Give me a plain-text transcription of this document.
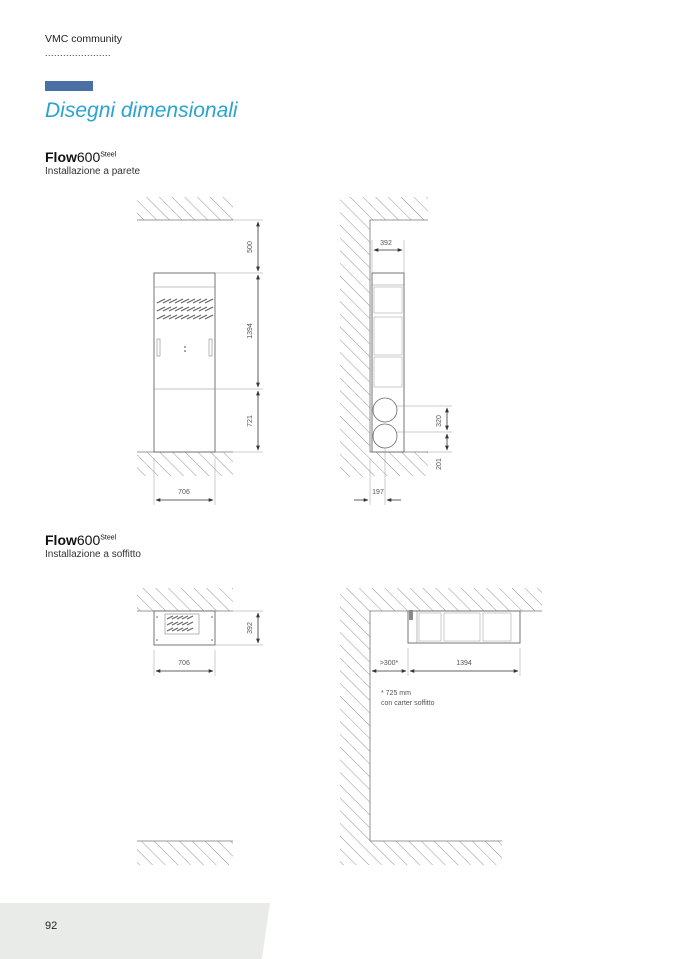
VMC community
......................
Disegni dimensionali
$Flow600^{Steel}$
Installazione a parete
$Flow600^{Steel}$
Installazione a soffitto
500
1394
721
706
392
320
201
197
392
706	>300*	1394
* 725 mm
con carter soffitto
92
